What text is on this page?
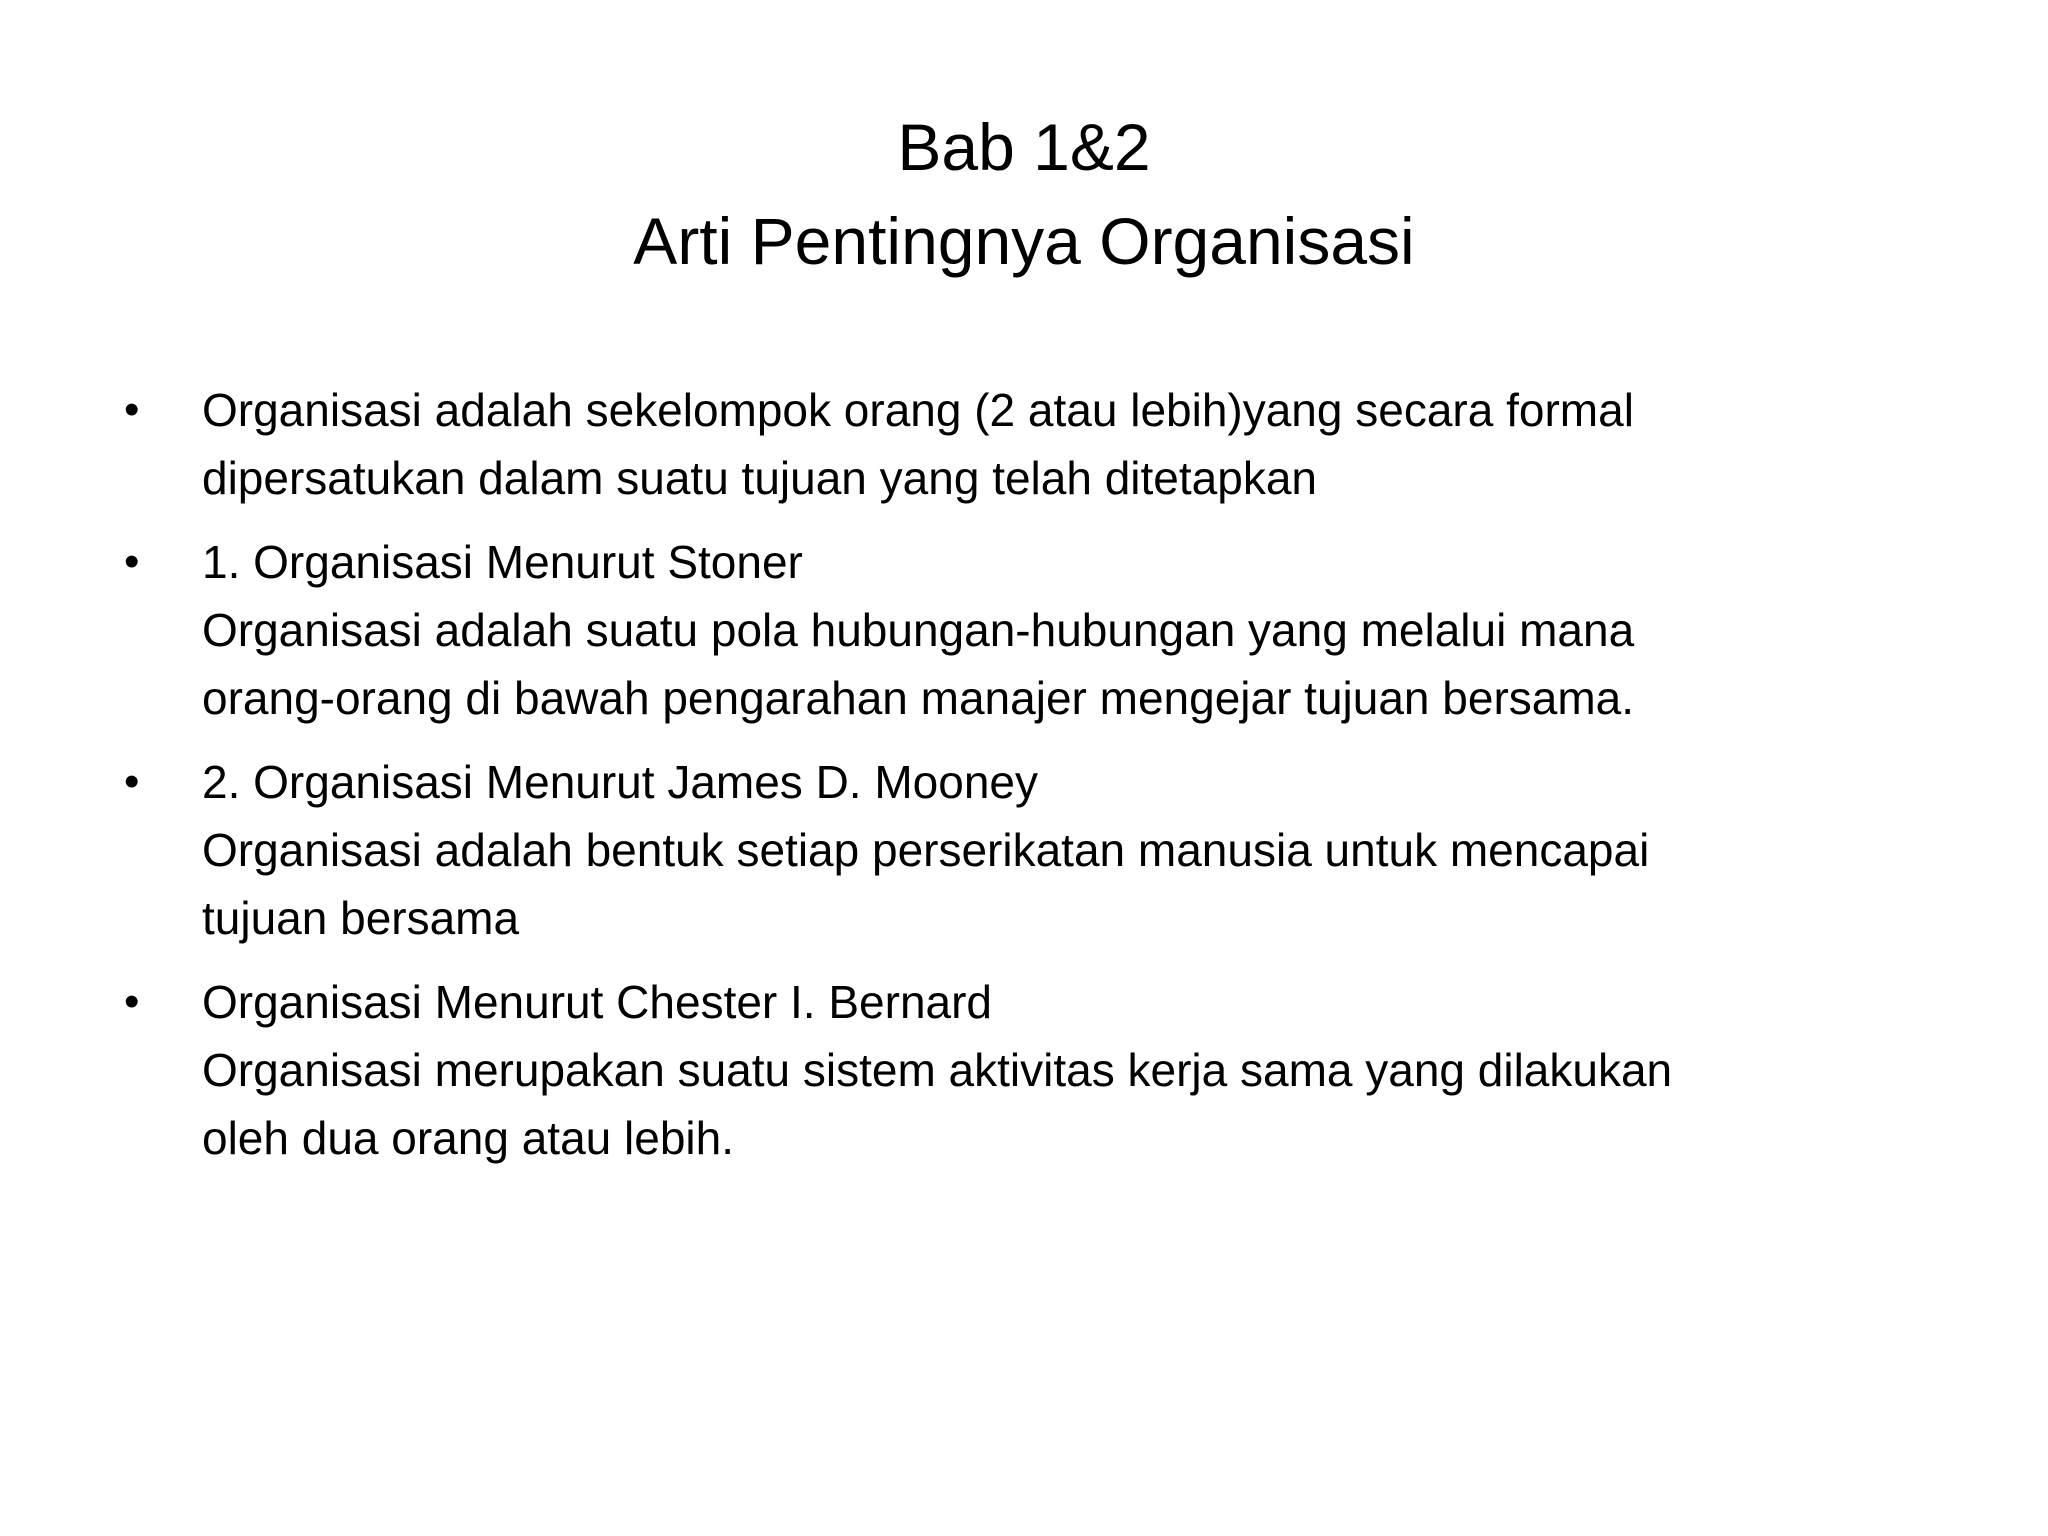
Bab 1&2
Arti Pentingnya Organisasi
• Organisasi adalah sekelompok orang (2 atau lebih)yang secara formal
dipersatukan dalam suatu tujuan yang telah ditetapkan
• 1. Organisasi Menurut Stoner
Organisasi adalah suatu pola hubungan-hubungan yang melalui mana
orang-orang di bawah pengarahan manajer mengejar tujuan bersama.
• 2. Organisasi Menurut James D. Mooney
Organisasi adalah bentuk setiap perserikatan manusia untuk mencapai
tujuan bersama
• Organisasi Menurut Chester I. Bernard
Organisasi merupakan suatu sistem aktivitas kerja sama yang dilakukan
oleh dua orang atau lebih.
